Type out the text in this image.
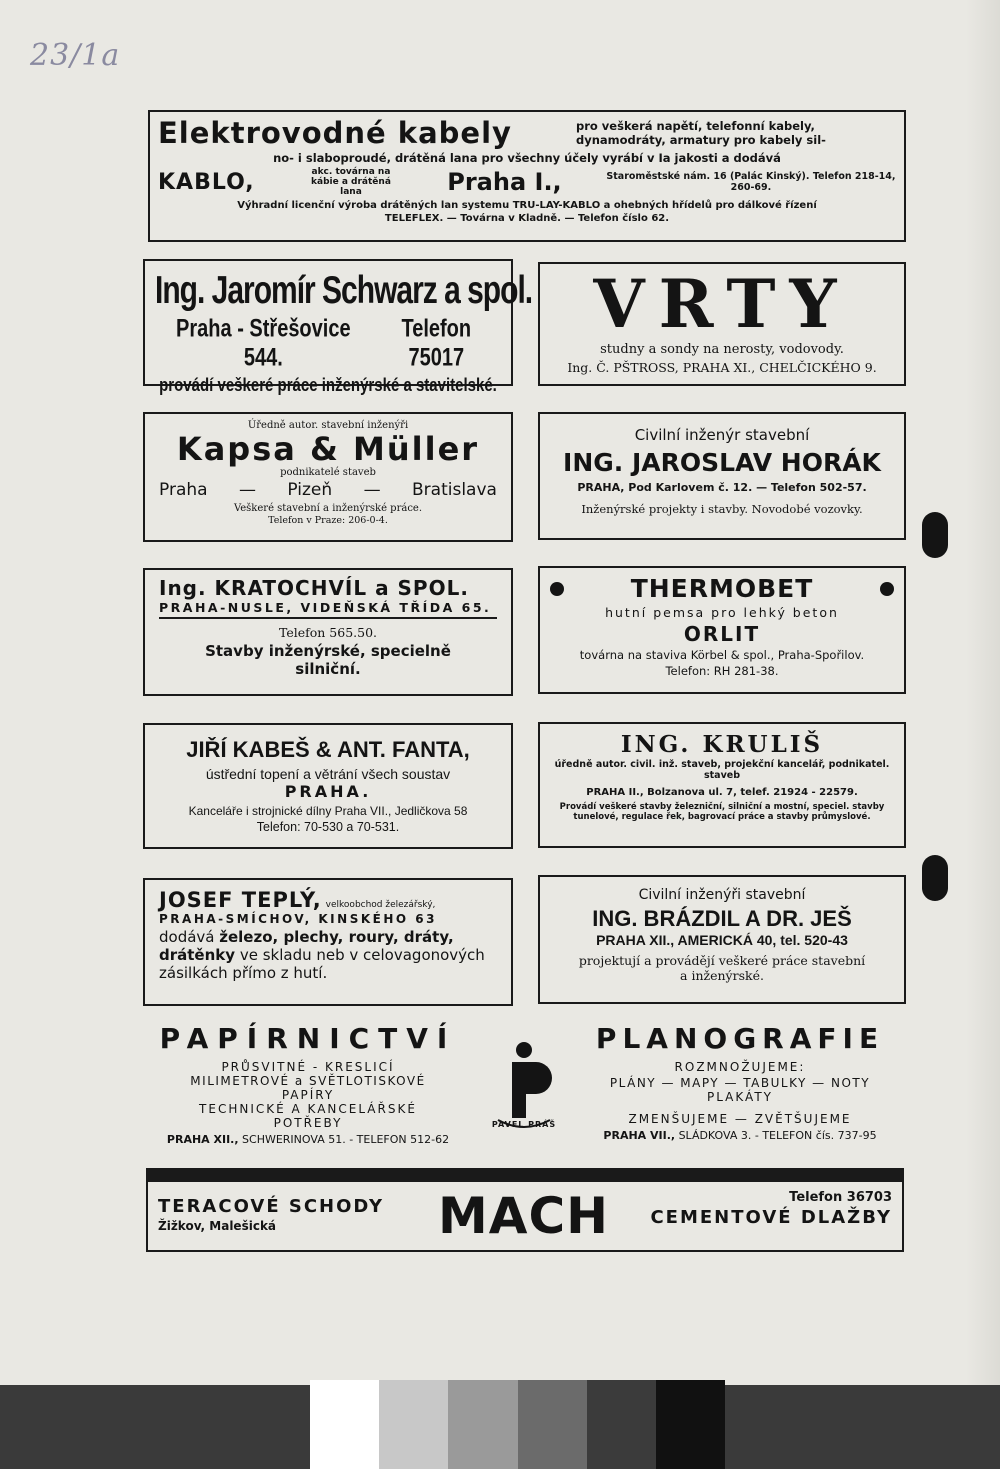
23/1a
Elektrovodné kabely	pro veškerá napětí, telefonní kabely, dynamodráty, armatury pro kabely sil-
no- i slaboproudé, drátěná lana pro všechny účely vyrábí v Ia jakosti a dodává
KABLO,	akc. továrna na kábie a drátěná lana	Praha I.,	Staroměstské nám. 16 (Palác Kinský). Telefon 218-14, 260-69.
Výhradní licenční výroba drátěných lan systemu TRU-LAY-KABLO a ohebných hřídelů pro dálkové řízení
TELEFLEX. — Továrna v Kladně. — Telefon číslo 62.
Ing. Jaromír Schwarz a spol.
Praha - Střešovice 544.
Telefon 75017
provádí veškeré práce inženýrské a stavitelské.
VRTY
studny a sondy na nerosty, vodovody.
Ing. Č. PŠTROSS, PRAHA XI., CHELČICKÉHO 9.
Úředně autor. stavební inženýři
Kapsa & Müller
podnikatelé staveb
Praha — Pizeň — Bratislava
Veškeré stavební a inženýrské práce.
Telefon v Praze: 206-0-4.
Civilní inženýr stavební
ING. JAROSLAV HORÁK
PRAHA, Pod Karlovem č. 12. — Telefon 502-57.
Inženýrské projekty i stavby. Novodobé vozovky.
Ing. KRATOCHVÍL a SPOL.
PRAHA-NUSLE, VIDEŇSKÁ TŘÍDA 65.
Telefon 565.50.
Stavby inženýrské, specielně
silniční.
THERMOBET
hutní pemsa pro lehký beton
ORLIT
továrna na staviva Körbel & spol., Praha-Spořilov.
Telefon: RH 281-38.
JIŘÍ KABEŠ & ANT. FANTA,
ústřední topení a větrání všech soustav
PRAHA.
Kanceláře i strojnické dílny Praha VII., Jedličkova 58
Telefon: 70-530 a 70-531.
ING. KRULIŠ
úředně autor. civil. inž. staveb, projekční kancelář, podnikatel. staveb
PRAHA II., Bolzanova ul. 7, telef. 21924 - 22579.
Provádí veškeré stavby železniční, silniční a mostní, speciel. stavby tunelové, regulace řek, bagrovací práce a stavby průmyslové.
JOSEF TEPLÝ, velkoobchod železářský,
PRAHA-SMÍCHOV, KINSKÉHO 63
dodává železo, plechy, roury, dráty, drátěnky ve skladu neb v celovagonových zásilkách přímo z hutí.
Civilní inženýři stavební
ING. BRÁZDIL A DR. JEŠ
PRAHA XII., AMERICKÁ 40, tel. 520-43
projektují a provádějí veškeré práce stavební
a inženýrské.
PAPÍRNICTVÍ
PRŮSVITNÉ - KRESLICÍ
MILIMETROVÉ a SVĚTLOTISKOVÉ
PAPÍRY
TECHNICKÉ A KANCELÁŘSKÉ
POTŘEBY
PRAHA XII., SCHWERINOVA 51. - TELEFON 512-62
PAVEL PRÁŠ
PLANOGRAFIE
ROZMNOŽUJEME:
PLÁNY — MAPY — TABULKY — NOTY
PLAKÁTY
ZMENŠUJEME — ZVĚTŠUJEME
PRAHA VII., SLÁDKOVA 3. - TELEFON čís. 737-95
TERACOVÉ SCHODY
Žižkov, Malešická	MACH	Telefon 36703
CEMENTOVÉ DLAŽBY
